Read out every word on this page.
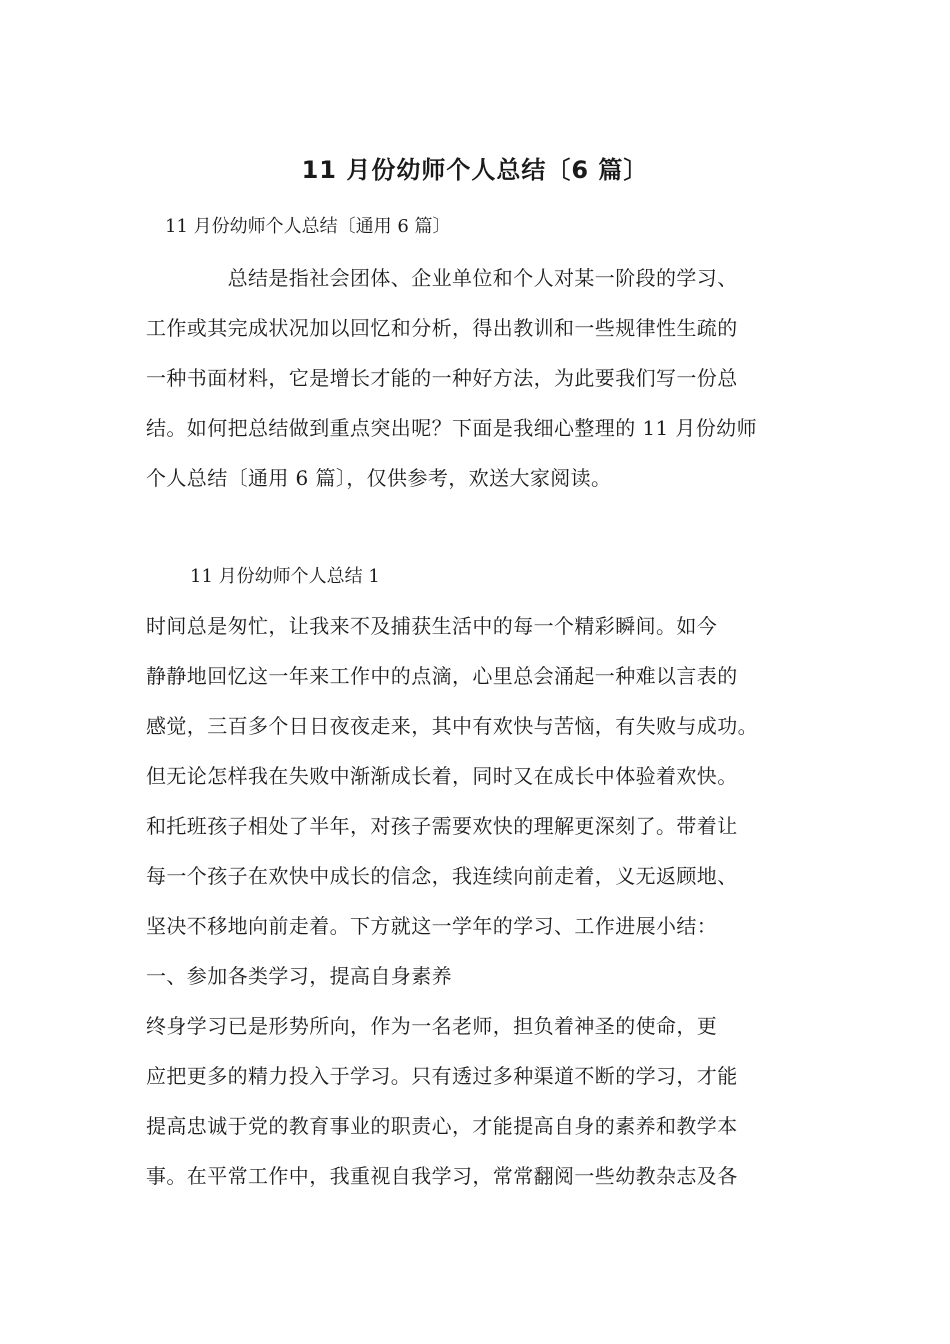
11 月份幼师个人总结〔6 篇〕

11 月份幼师个人总结〔通用 6 篇〕

　　　　总结是指社会团体、企业单位和个人对某一阶段的学习、

工作或其完成状况加以回忆和分析，得出教训和一些规律性生疏的

一种书面材料，它是增长才能的一种好方法，为此要我们写一份总

结。如何把总结做到重点突出呢？下面是我细心整理的 11 月份幼师

个人总结〔通用 6 篇〕，仅供参考，欢送大家阅读。

11 月份幼师个人总结 1

时间总是匆忙，让我来不及捕获生活中的每一个精彩瞬间。如今

静静地回忆这一年来工作中的点滴，心里总会涌起一种难以言表的

感觉，三百多个日日夜夜走来，其中有欢快与苦恼，有失败与成功。

但无论怎样我在失败中渐渐成长着，同时又在成长中体验着欢快。

和托班孩子相处了半年，对孩子需要欢快的理解更深刻了。带着让

每一个孩子在欢快中成长的信念，我连续向前走着，义无返顾地、

坚决不移地向前走着。下方就这一学年的学习、工作进展小结：

一、参加各类学习，提高自身素养

终身学习已是形势所向，作为一名老师，担负着神圣的使命，更

应把更多的精力投入于学习。只有透过多种渠道不断的学习，才能

提高忠诚于党的教育事业的职责心，才能提高自身的素养和教学本

事。在平常工作中，我重视自我学习，常常翻阅一些幼教杂志及各
